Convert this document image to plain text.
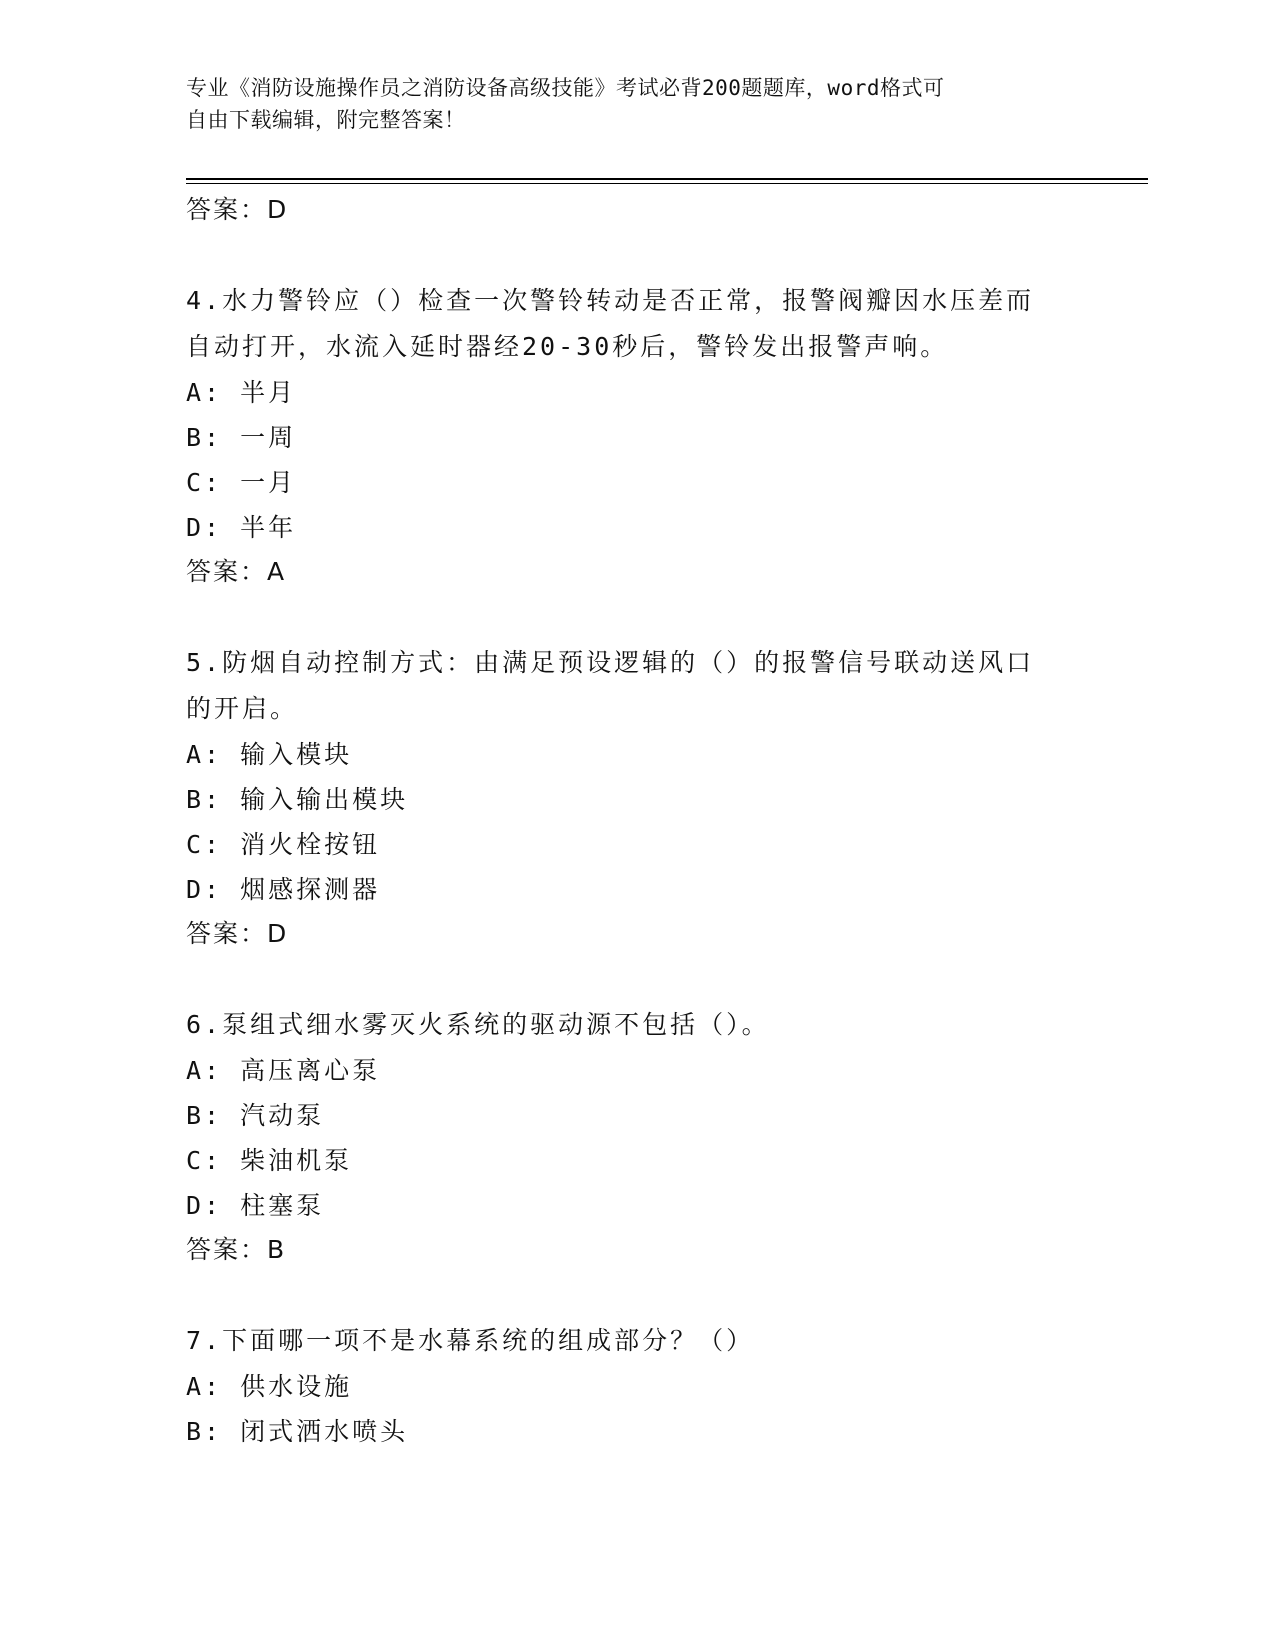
专业《消防设施操作员之消防设备高级技能》考试必背200题题库，word格式可
自由下载编辑，附完整答案！
答案：D
4.水力警铃应（）检查一次警铃转动是否正常，报警阀瓣因水压差而
自动打开，水流入延时器经20-30秒后，警铃发出报警声响。
A: 半月
B: 一周
C: 一月
D: 半年
答案：A
5.防烟自动控制方式：由满足预设逻辑的（）的报警信号联动送风口
的开启。
A: 输入模块
B: 输入输出模块
C: 消火栓按钮
D: 烟感探测器
答案：D
6.泵组式细水雾灭火系统的驱动源不包括（）。
A: 高压离心泵
B: 汽动泵
C: 柴油机泵
D: 柱塞泵
答案：B
7.下面哪一项不是水幕系统的组成部分？（）
A: 供水设施
B: 闭式洒水喷头
